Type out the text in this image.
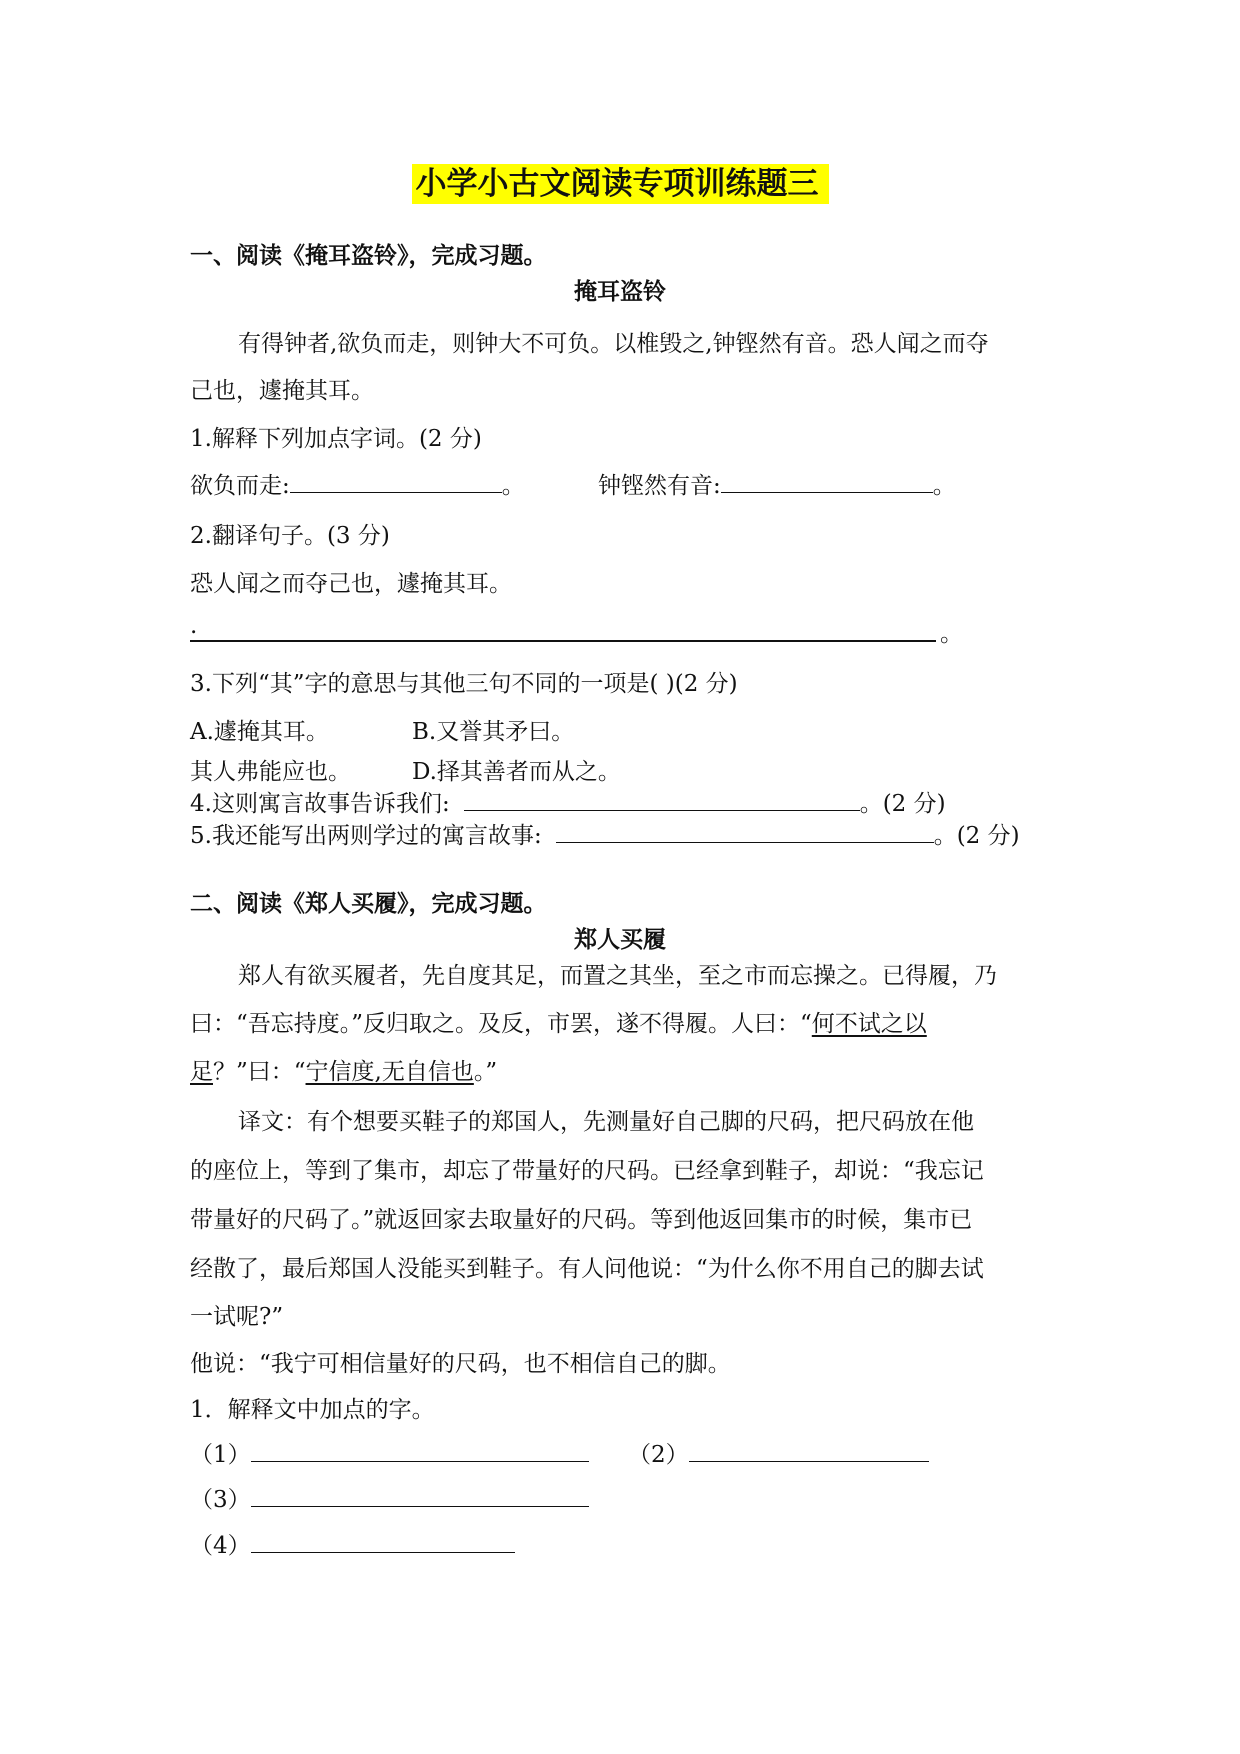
小学小古文阅读专项训练题三
一、阅读《掩耳盗铃》，完成习题。
掩耳盗铃
有得钟者,欲负而走，则钟大不可负。以椎毁之,钟铿然有音。恐人闻之而夺
己也，遽掩其耳。
1.解释下列加点字词。(2 分)
欲负而走:	。	钟铿然有音:	。
2.翻译句子。(3 分)
恐人闻之而夺己也，遽掩其耳。
.	。
3.下列“其”字的意思与其他三句不同的一项是( )(2 分)
A.遽掩其耳。	B.又誉其矛曰。
其人弗能应也。	D.择其善者而从之。
4.这则寓言故事告诉我们:	。(2 分)
5.我还能写出两则学过的寓言故事:	。(2 分)
二、阅读《郑人买履》，完成习题。
郑人买履
郑人有欲买履者，先自度其足，而置之其坐，至之市而忘操之。已得履，乃
曰：“吾忘持度。”反归取之。及反，市罢，遂不得履。人曰：“何不试之以
足？”曰：“宁信度,无自信也。”
译文：有个想要买鞋子的郑国人，先测量好自己脚的尺码，把尺码放在他
的座位上，等到了集市，却忘了带量好的尺码。已经拿到鞋子，却说：“我忘记
带量好的尺码了。”就返回家去取量好的尺码。等到他返回集市的时候，集市已
经散了，最后郑国人没能买到鞋子。有人问他说：“为什么你不用自己的脚去试
一试呢?”
他说：“我宁可相信量好的尺码，也不相信自己的脚。
1．解释文中加点的字。
（1）	（2）
（3）
（4）
